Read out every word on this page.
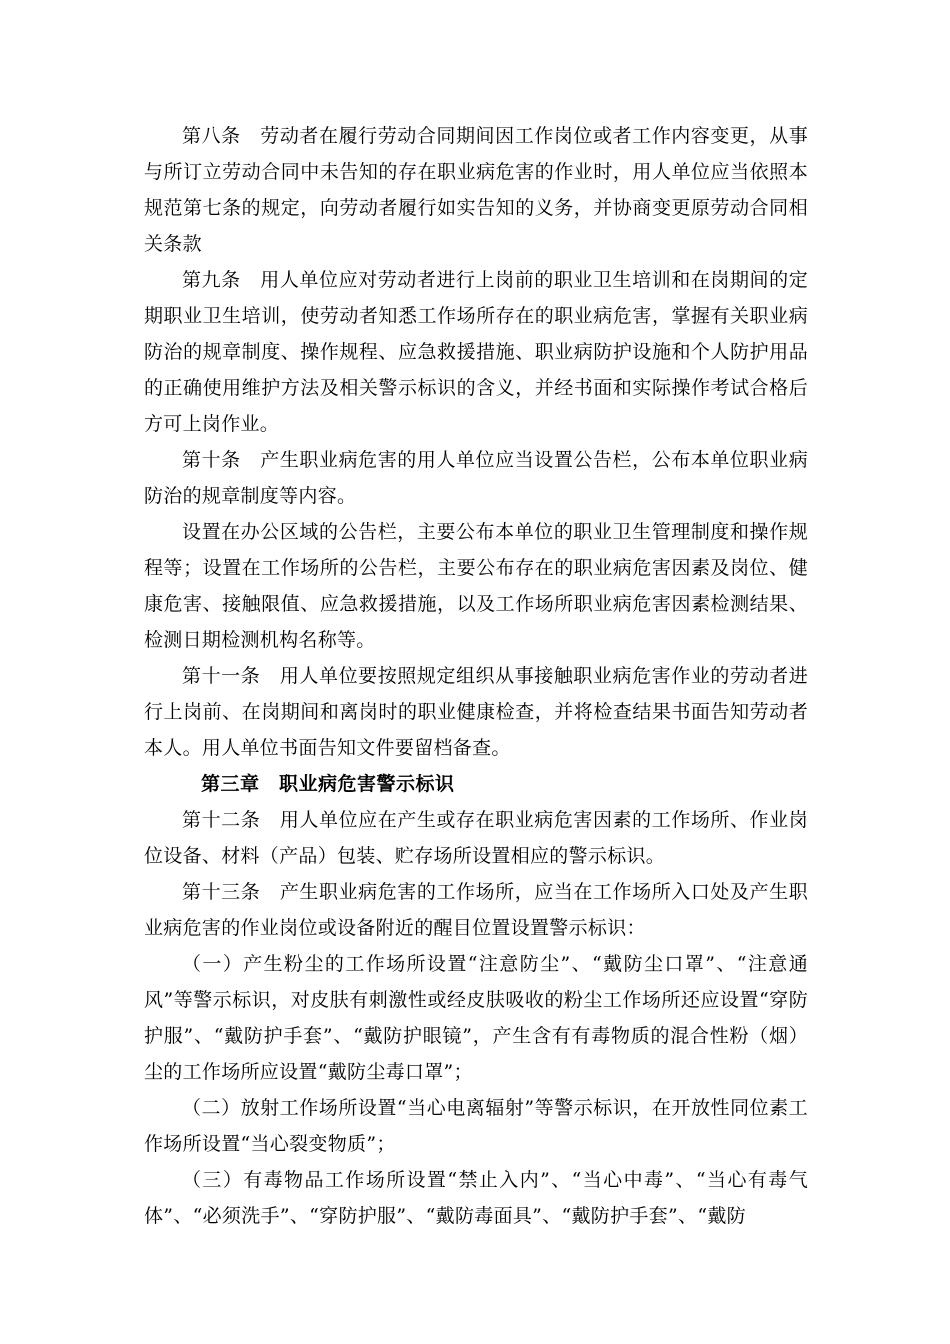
第八条　劳动者在履行劳动合同期间因工作岗位或者工作内容变更，从事与所订立劳动合同中未告知的存在职业病危害的作业时，用人单位应当依照本规范第七条的规定，向劳动者履行如实告知的义务，并协商变更原劳动合同相关条款

第九条　用人单位应对劳动者进行上岗前的职业卫生培训和在岗期间的定期职业卫生培训，使劳动者知悉工作场所存在的职业病危害，掌握有关职业病防治的规章制度、操作规程、应急救援措施、职业病防护设施和个人防护用品的正确使用维护方法及相关警示标识的含义，并经书面和实际操作考试合格后方可上岗作业。

第十条　产生职业病危害的用人单位应当设置公告栏，公布本单位职业病防治的规章制度等内容。

设置在办公区域的公告栏，主要公布本单位的职业卫生管理制度和操作规程等；设置在工作场所的公告栏，主要公布存在的职业病危害因素及岗位、健康危害、接触限值、应急救援措施，以及工作场所职业病危害因素检测结果、检测日期检测机构名称等。

第十一条　用人单位要按照规定组织从事接触职业病危害作业的劳动者进行上岗前、在岗期间和离岗时的职业健康检查，并将检查结果书面告知劳动者本人。用人单位书面告知文件要留档备查。

第三章　职业病危害警示标识

第十二条　用人单位应在产生或存在职业病危害因素的工作场所、作业岗位设备、材料（产品）包装、贮存场所设置相应的警示标识。

第十三条　产生职业病危害的工作场所，应当在工作场所入口处及产生职业病危害的作业岗位或设备附近的醒目位置设置警示标识：

（一）产生粉尘的工作场所设置“注意防尘”、“戴防尘口罩”、“注意通风”等警示标识，对皮肤有刺激性或经皮肤吸收的粉尘工作场所还应设置“穿防护服”、“戴防护手套”、“戴防护眼镜”，产生含有有毒物质的混合性粉（烟）尘的工作场所应设置“戴防尘毒口罩”；

（二）放射工作场所设置“当心电离辐射”等警示标识，在开放性同位素工作场所设置“当心裂变物质”；

（三）有毒物品工作场所设置“禁止入内”、“当心中毒”、“当心有毒气体”、“必须洗手”、“穿防护服”、“戴防毒面具”、“戴防护手套”、“戴防
